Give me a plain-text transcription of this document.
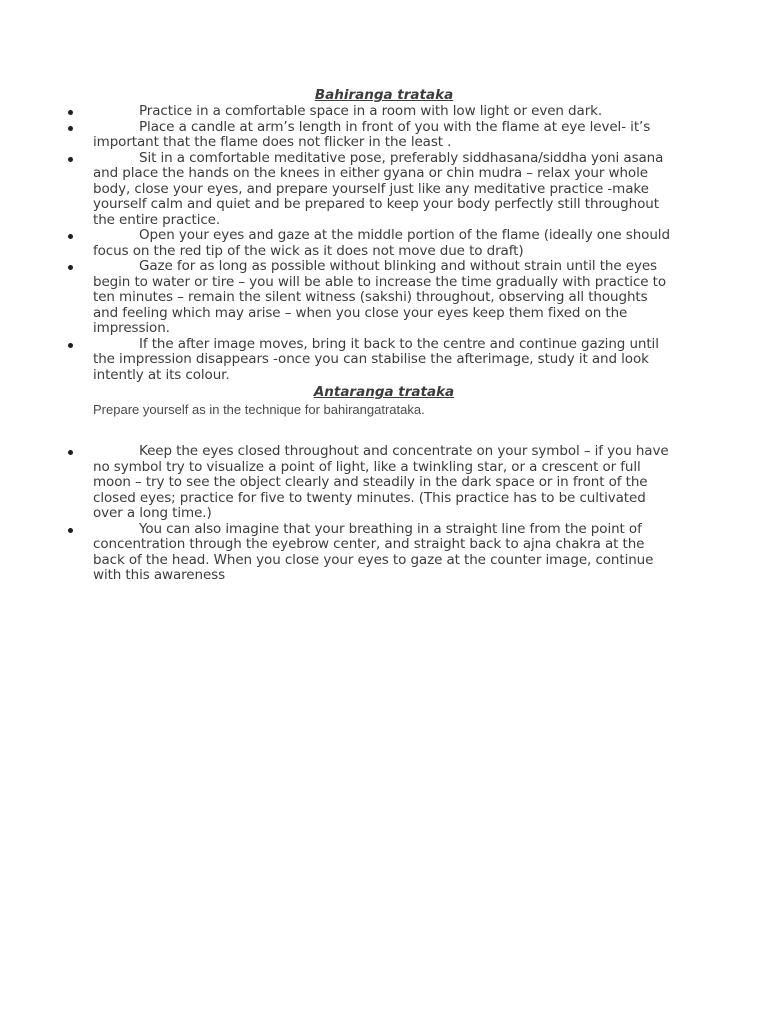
Bahiranga trataka
Practice in a comfortable space in a room with low light or even dark.
Place a candle at arm’s length in front of you with the flame at eye level- it’s important that the flame does not flicker in the least .
Sit in a comfortable meditative pose, preferably siddhasana/siddha yoni asana and place the hands on the knees in either gyana or chin mudra – relax your whole body, close your eyes, and prepare yourself just like any meditative practice -make yourself calm and quiet and be prepared to keep your body perfectly still throughout the entire practice.
Open your eyes and gaze at the middle portion of the flame (ideally one should focus on the red tip of the wick as it does not move due to draft)
Gaze for as long as possible without blinking and without strain until the eyes begin to water or tire – you will be able to increase the time gradually with practice to ten minutes – remain the silent witness (sakshi) throughout, observing all thoughts and feeling which may arise – when you close your eyes keep them fixed on the impression.
If the after image moves, bring it back to the centre and continue gazing until the impression disappears -once you can stabilise the afterimage, study it and look intently at its colour.
Antaranga trataka
Prepare yourself as in the technique for bahirangatrataka.
Keep the eyes closed throughout and concentrate on your symbol – if you have no symbol try to visualize a point of light, like a twinkling star, or a crescent or full moon – try to see the object clearly and steadily in the dark space or in front of the closed eyes; practice for five to twenty minutes. (This practice has to be cultivated over a long time.)
You can also imagine that your breathing in a straight line from the point of concentration through the eyebrow center, and straight back to ajna chakra at the back of the head. When you close your eyes to gaze at the counter image, continue with this awareness
